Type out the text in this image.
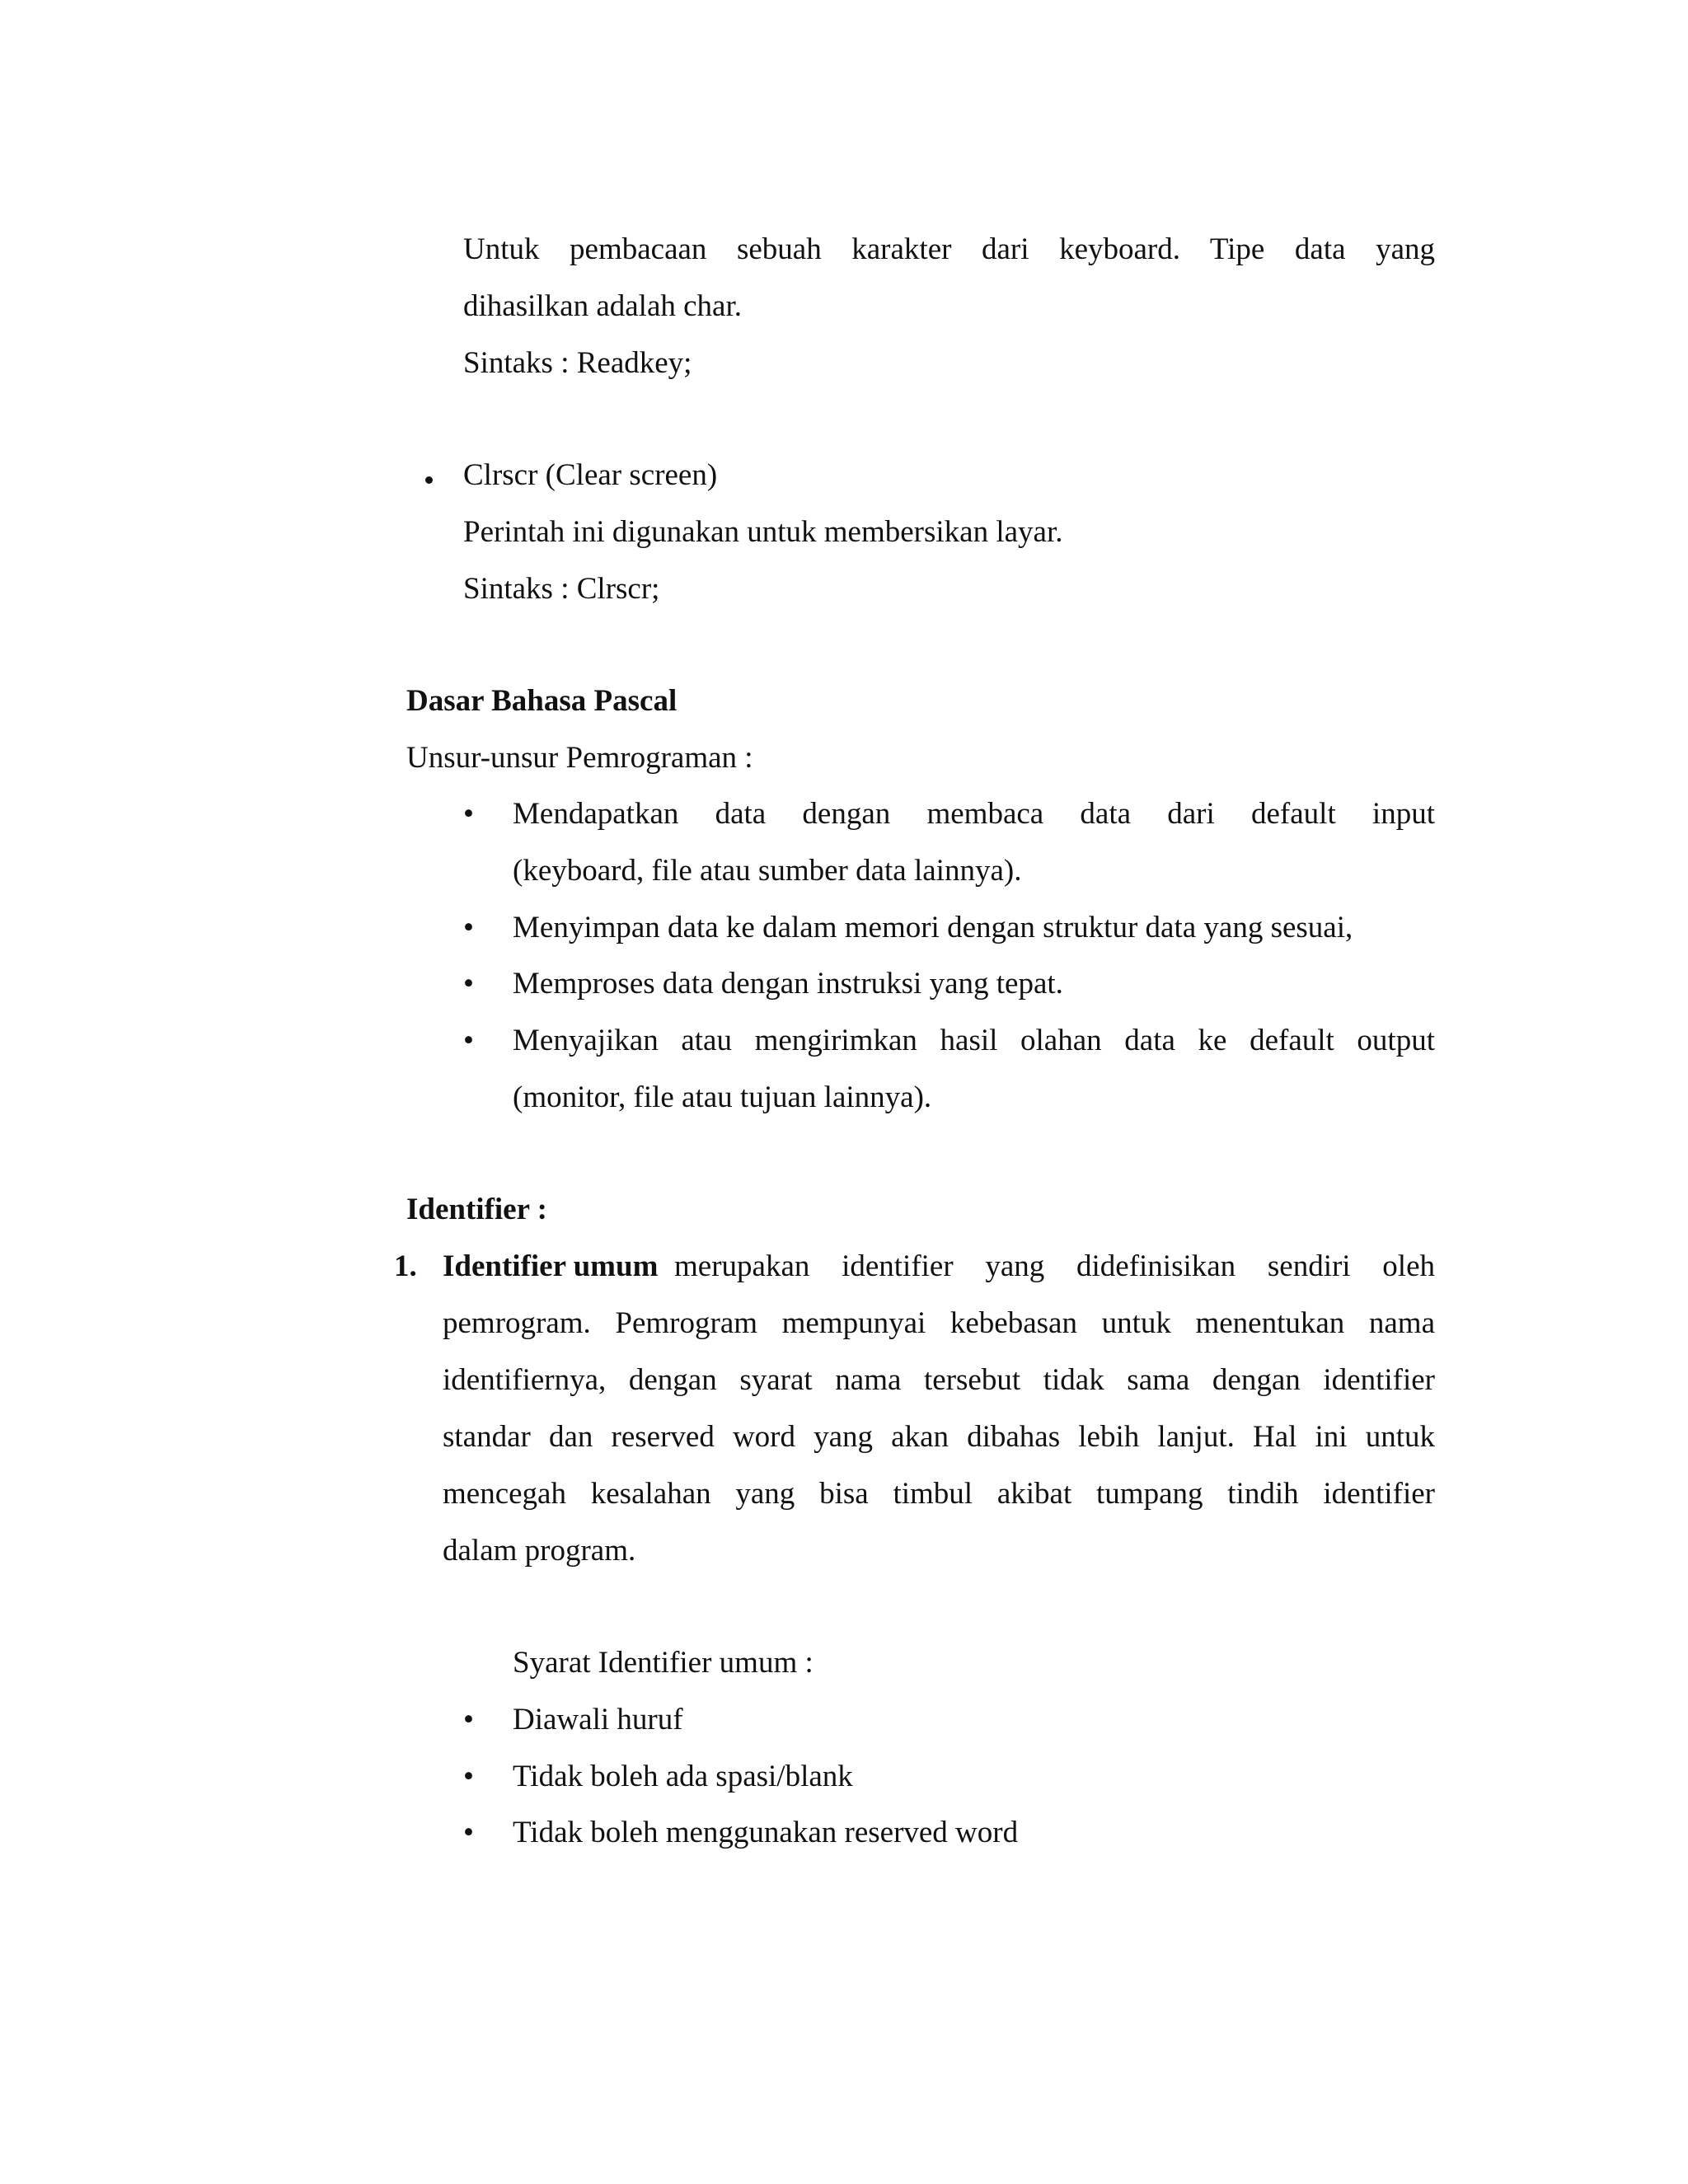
Untuk pembacaan sebuah karakter dari keyboard. Tipe data yang
dihasilkan adalah char.
Sintaks : Readkey;
Clrscr (Clear screen)
Perintah ini digunakan untuk membersikan layar.
Sintaks : Clrscr;
Dasar Bahasa Pascal
Unsur-unsur Pemrograman :
• Mendapatkan data dengan membaca data dari default input
(keyboard, file atau sumber data lainnya).
• Menyimpan data ke dalam memori dengan struktur data yang sesuai,
• Memproses data dengan instruksi yang tepat.
• Menyajikan atau mengirimkan hasil olahan data ke default output
(monitor, file atau tujuan lainnya).
Identifier :
1. Identifier umum merupakan identifier yang didefinisikan sendiri oleh
pemrogram. Pemrogram mempunyai kebebasan untuk menentukan nama
identifiernya, dengan syarat nama tersebut tidak sama dengan identifier
standar dan reserved word yang akan dibahas lebih lanjut. Hal ini untuk
mencegah kesalahan yang bisa timbul akibat tumpang tindih identifier
dalam program.
Syarat Identifier umum :
• Diawali huruf
• Tidak boleh ada spasi/blank
• Tidak boleh menggunakan reserved word
